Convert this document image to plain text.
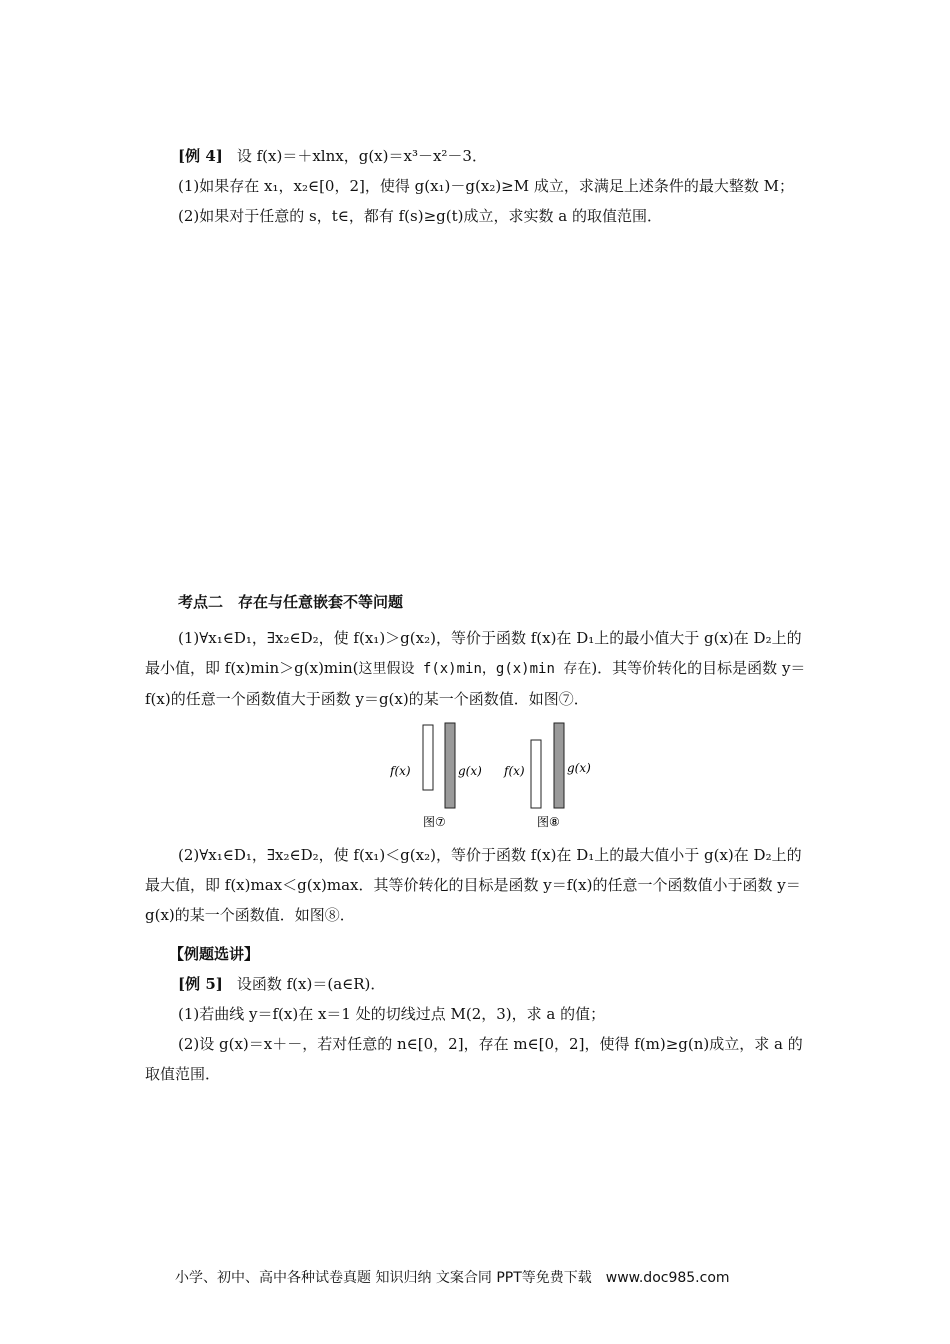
[例 4] 设 f(x)＝＋xlnx，g(x)＝x³－x²－3．
(1)如果存在 x₁，x₂∈[0，2]，使得 g(x₁)－g(x₂)≥M 成立，求满足上述条件的最大整数 M；
(2)如果对于任意的 s，t∈，都有 f(s)≥g(t)成立，求实数 a 的取值范围．
考点二　存在与任意嵌套不等问题
(1)∀x₁∈D₁，∃x₂∈D₂，使 f(x₁)＞g(x₂)，等价于函数 f(x)在 D₁上的最小值大于 g(x)在 D₂上的最小值，即 f(x)min＞g(x)min(这里假设 f(x)min，g(x)min 存在)．其等价转化的目标是函数 y＝f(x)的任意一个函数值大于函数 y＝g(x)的某一个函数值．如图⑦．
f(x)	g(x)
图⑦
f(x)	g(x)
图⑧
(2)∀x₁∈D₁，∃x₂∈D₂，使 f(x₁)＜g(x₂)，等价于函数 f(x)在 D₁上的最大值小于 g(x)在 D₂上的最大值，即 f(x)max＜g(x)max．其等价转化的目标是函数 y＝f(x)的任意一个函数值小于函数 y＝g(x)的某一个函数值．如图⑧．
【例题选讲】
[例 5] 设函数 f(x)＝(a∈R)．
(1)若曲线 y＝f(x)在 x＝1 处的切线过点 M(2，3)，求 a 的值；
(2)设 g(x)＝x＋－，若对任意的 n∈[0，2]，存在 m∈[0，2]，使得 f(m)≥g(n)成立，求 a 的取值范围．
小学、初中、高中各种试卷真题 知识归纳 文案合同 PPT等免费下载　www.doc985.com
